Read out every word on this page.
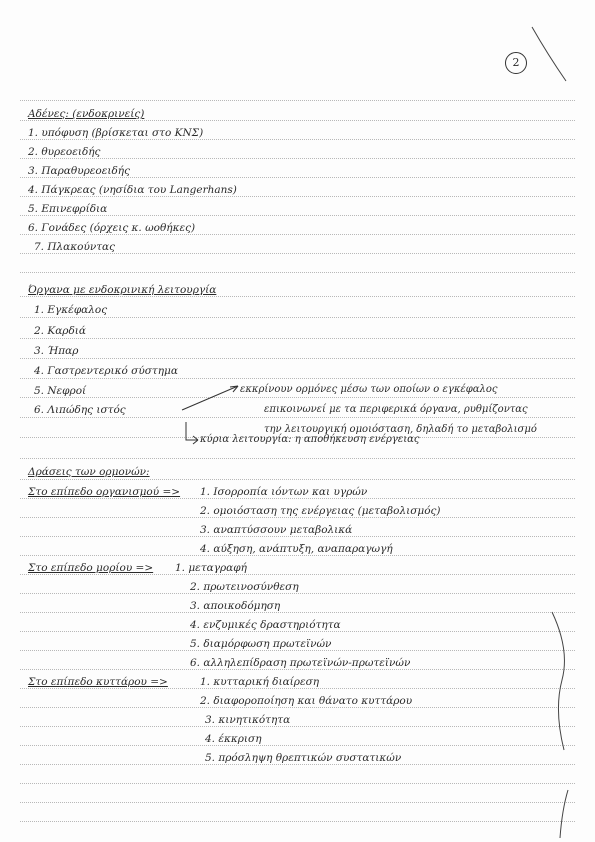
2
Αδένες: (ενδοκρινείς)
1. υπόφυση (βρίσκεται στο ΚΝΣ)
2. θυρεοειδής
3. Παραθυρεοειδής
4. Πάγκρεας (νησίδια του Langerhans)
5. Επινεφρίδια
6. Γονάδες (όρχεις κ. ωοθήκες)
7. Πλακούντας
Όργανα με ενδοκρινική λειτουργία
1. Εγκέφαλος
2. Καρδιά
3. Ήπαρ
4. Γαστρεντερικό σύστημα
5. Νεφροί
6. Λιπώδης ιστός
εκκρίνουν ορμόνες μέσω των οποίων ο εγκέφαλος
επικοινωνεί με τα περιφερικά όργανα, ρυθμίζοντας
την λειτουργική ομοιόσταση, δηλαδή το μεταβολισμό
κύρια λειτουργία: η αποθήκευση ενέργειας
Δράσεις των ορμονών:
Στο επίπεδο οργανισμού => 1. Ισορροπία ιόντων και υγρών
2. ομοιόσταση της ενέργειας (μεταβολισμός)
3. αναπτύσσουν μεταβολικά
4. αύξηση, ανάπτυξη, αναπαραγωγή
Στο επίπεδο μορίου => 1. μεταγραφή
2. πρωτεινοσύνθεση
3. αποικοδόμηση
4. ενζυμικές δραστηριότητα
5. διαμόρφωση πρωτεϊνών
6. αλληλεπίδραση πρωτεϊνών-πρωτεϊνών
Στο επίπεδο κυττάρου =>	1. κυτταρική διαίρεση
2. διαφοροποίηση και θάνατο κυττάρου
3. κινητικότητα
4. έκκριση
5. πρόσληψη θρεπτικών συστατικών
